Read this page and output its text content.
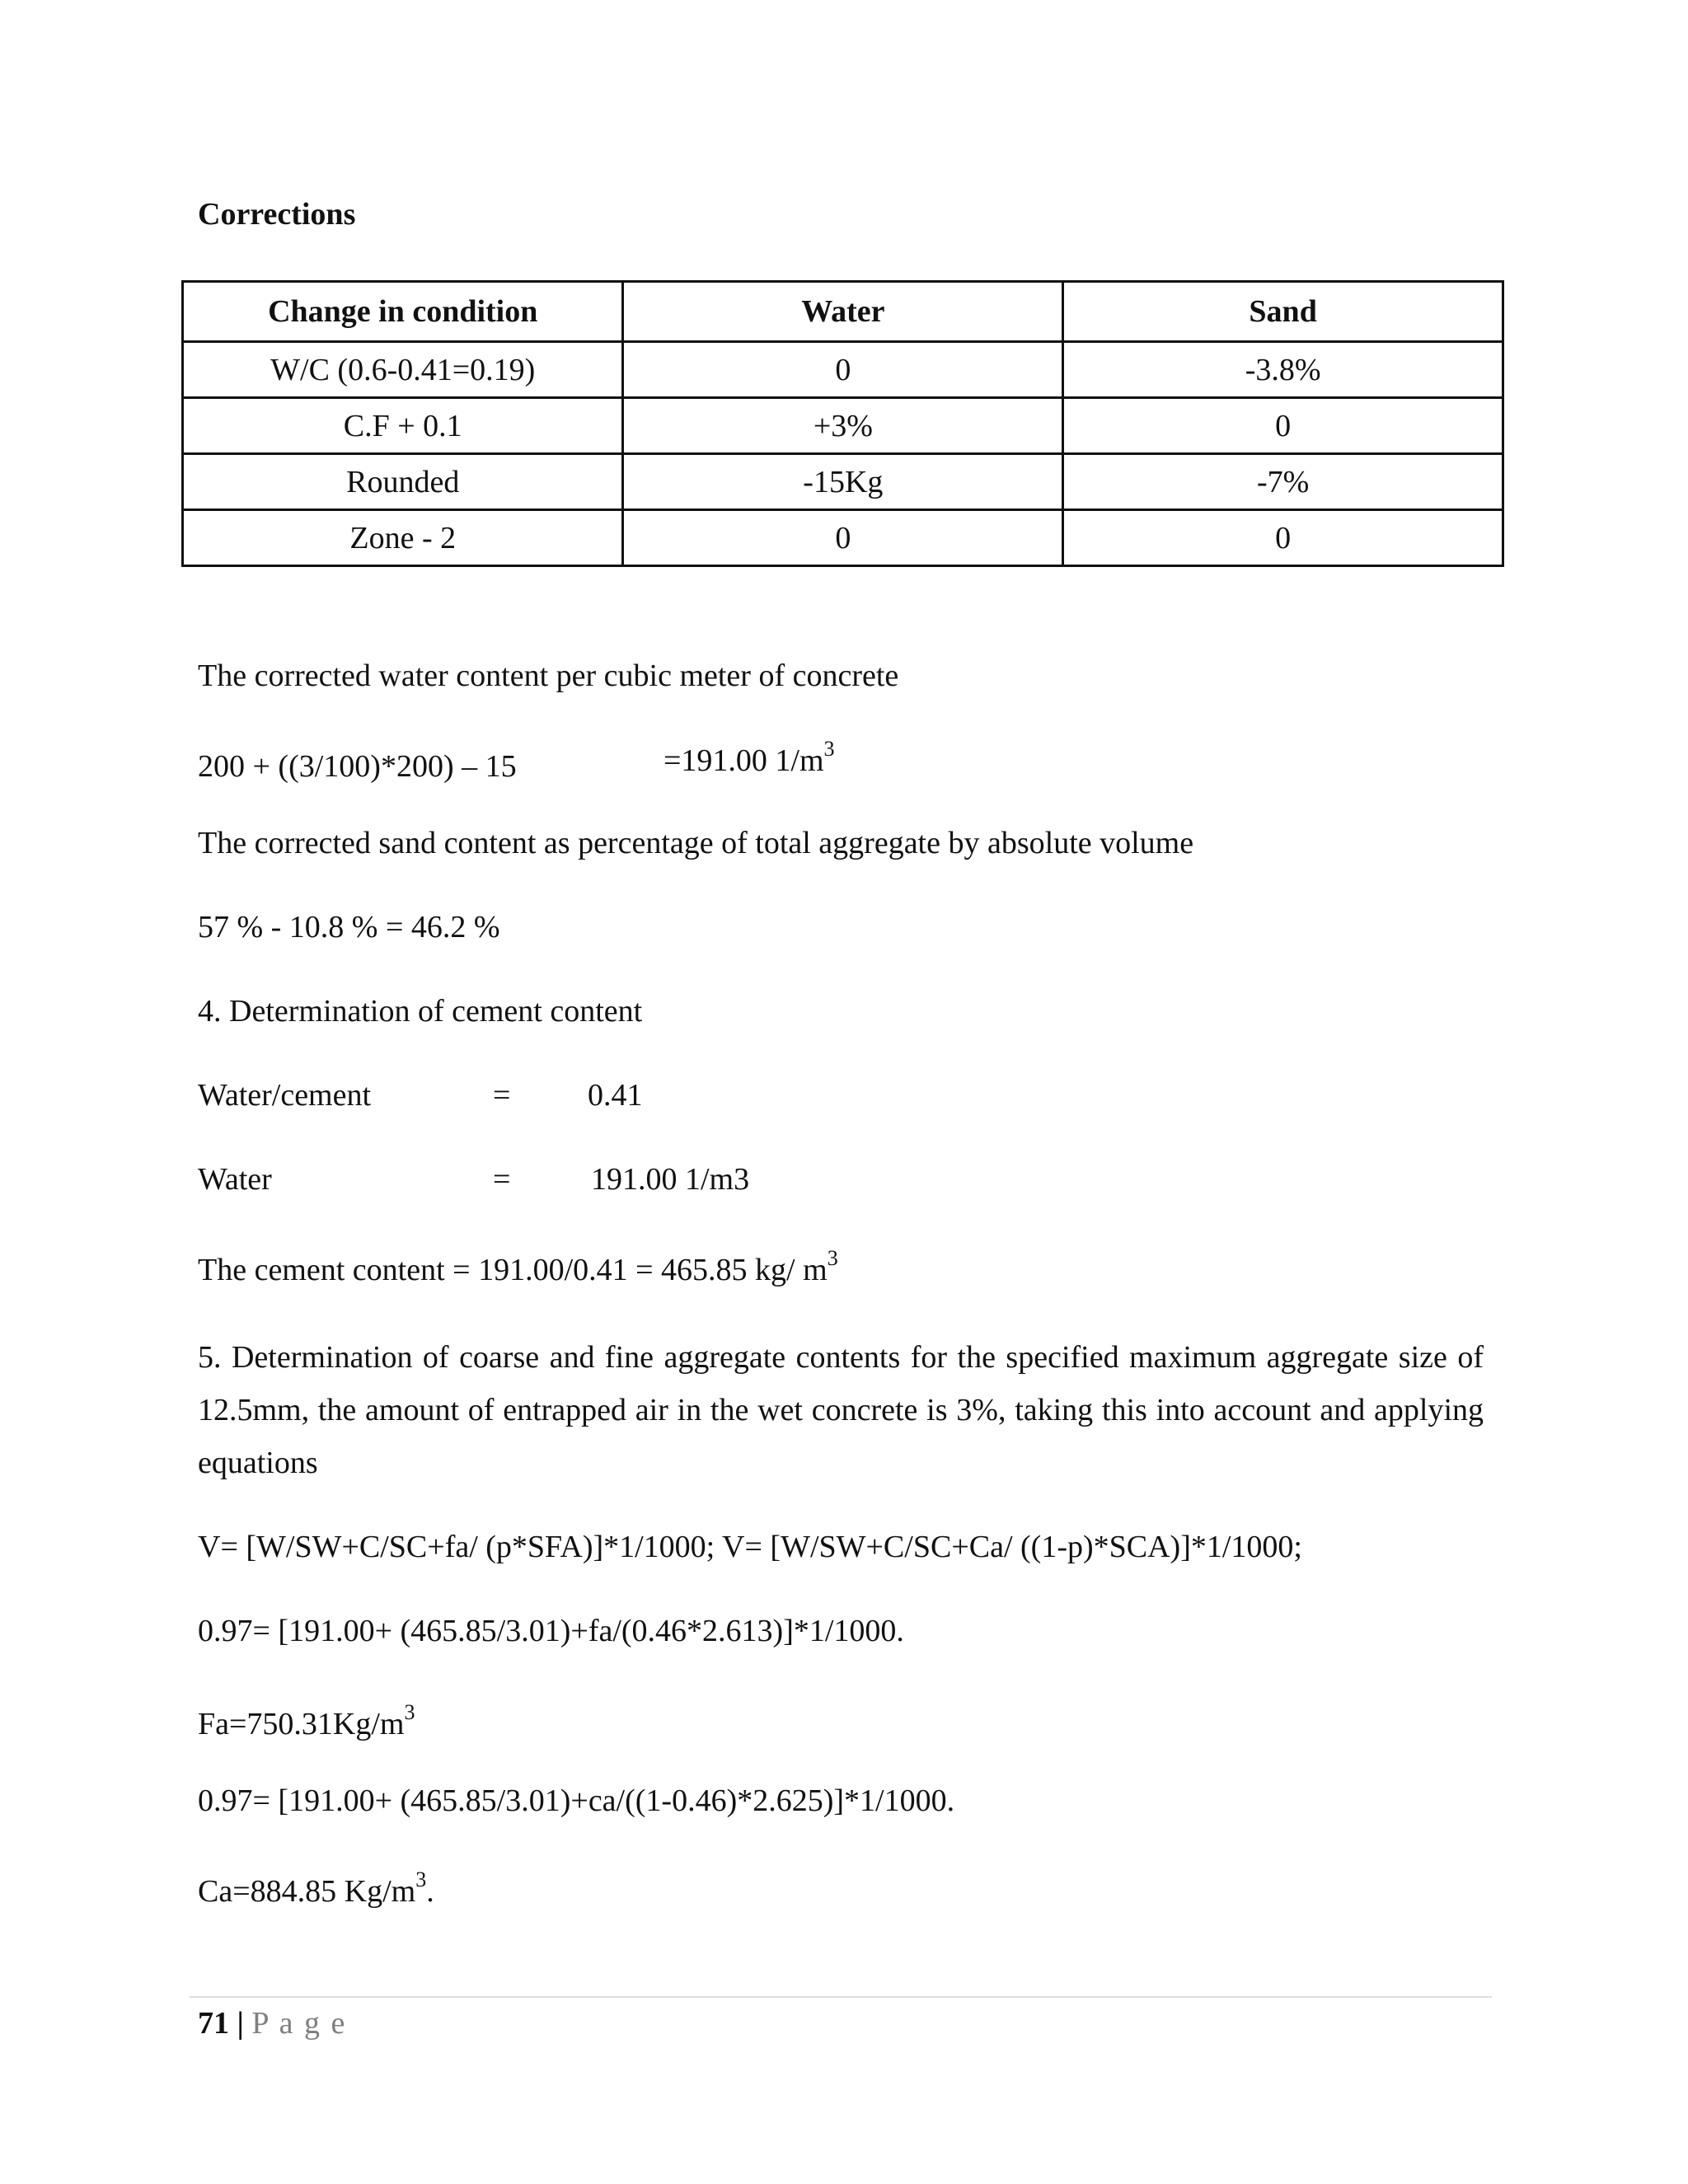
Corrections
Change in condition	Water	Sand
W/C (0.6-0.41=0.19)	0	-3.8%
C.F + 0.1	+3%	0
Rounded	-15Kg	-7%
Zone - 2	0	0
The corrected water content per cubic meter of concrete
200 + ((3/100)*200) – 15	=191.00 $1/m^3$
The corrected sand content as percentage of total aggregate by absolute volume
57 % - 10.8 % = 46.2 %
4. Determination of cement content
Water/cement	= 0.41
Water	=	191.00 1/m3
The cement content = 191.00/0.41 = 465.85 kg/ $m^3$
5. Determination of coarse and fine aggregate contents for the specified maximum aggregate size of 12.5mm, the amount of entrapped air in the wet concrete is 3%, taking this into account and applying equations
V= [W/SW+C/SC+fa/ (p*SFA)]*1/1000; V= [W/SW+C/SC+Ca/ ((1-p)*SCA)]*1/1000;
0.97= [191.00+ (465.85/3.01)+fa/(0.46*2.613)]*1/1000.
$Fa=750.31Kg/m^3$
0.97= [191.00+ (465.85/3.01)+ca/((1-0.46)*2.625)]*1/1000.
Ca=884.85 $Kg/m^3$.
71 | P a g e
